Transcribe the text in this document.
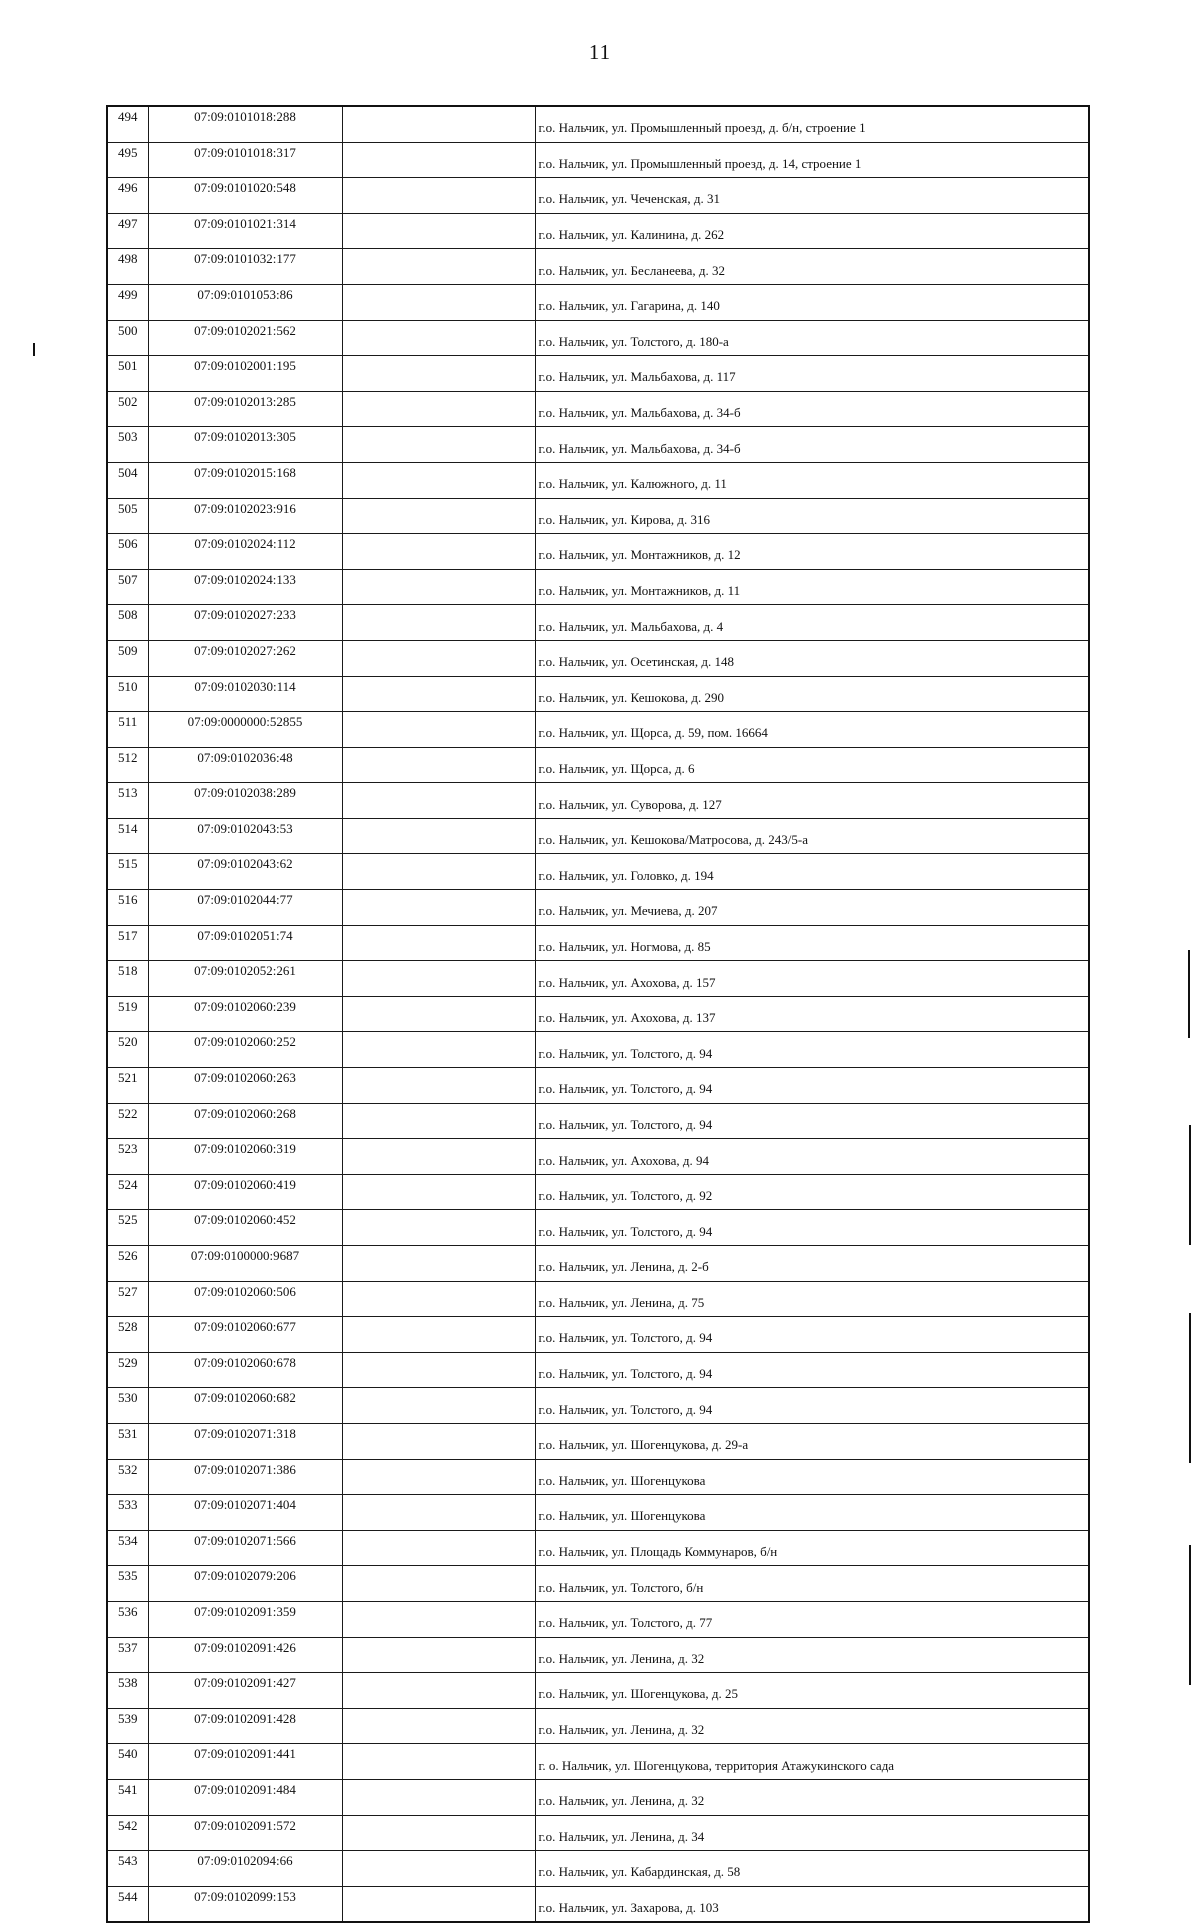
11
494	07:09:0101018:288		г.о. Нальчик, ул. Промышленный проезд, д. б/н, строение 1
495	07:09:0101018:317		г.о. Нальчик, ул. Промышленный проезд, д. 14, строение 1
496	07:09:0101020:548		г.о. Нальчик, ул. Чеченская, д. 31
497	07:09:0101021:314		г.о. Нальчик, ул. Калинина, д. 262
498	07:09:0101032:177		г.о. Нальчик, ул. Бесланеева, д. 32
499	07:09:0101053:86		г.о. Нальчик, ул. Гагарина, д. 140
500	07:09:0102021:562		г.о. Нальчик, ул. Толстого, д. 180-а
501	07:09:0102001:195		г.о. Нальчик, ул. Мальбахова, д. 117
502	07:09:0102013:285		г.о. Нальчик, ул. Мальбахова, д. 34-б
503	07:09:0102013:305		г.о. Нальчик, ул. Мальбахова, д. 34-б
504	07:09:0102015:168		г.о. Нальчик, ул. Калюжного, д. 11
505	07:09:0102023:916		г.о. Нальчик, ул. Кирова, д. 316
506	07:09:0102024:112		г.о. Нальчик, ул. Монтажников, д. 12
507	07:09:0102024:133		г.о. Нальчик, ул. Монтажников, д. 11
508	07:09:0102027:233		г.о. Нальчик, ул. Мальбахова, д. 4
509	07:09:0102027:262		г.о. Нальчик, ул. Осетинская, д. 148
510	07:09:0102030:114		г.о. Нальчик, ул. Кешокова, д. 290
511	07:09:0000000:52855		г.о. Нальчик, ул. Щорса, д. 59, пом. 16664
512	07:09:0102036:48		г.о. Нальчик, ул. Щорса, д. 6
513	07:09:0102038:289		г.о. Нальчик, ул. Суворова, д. 127
514	07:09:0102043:53		г.о. Нальчик, ул. Кешокова/Матросова, д. 243/5-а
515	07:09:0102043:62		г.о. Нальчик, ул. Головко, д. 194
516	07:09:0102044:77		г.о. Нальчик, ул. Мечиева, д. 207
517	07:09:0102051:74		г.о. Нальчик, ул. Ногмова, д. 85
518	07:09:0102052:261		г.о. Нальчик, ул. Ахохова, д. 157
519	07:09:0102060:239		г.о. Нальчик, ул. Ахохова, д. 137
520	07:09:0102060:252		г.о. Нальчик, ул. Толстого, д. 94
521	07:09:0102060:263		г.о. Нальчик, ул. Толстого, д. 94
522	07:09:0102060:268		г.о. Нальчик, ул. Толстого, д. 94
523	07:09:0102060:319		г.о. Нальчик, ул. Ахохова, д. 94
524	07:09:0102060:419		г.о. Нальчик, ул. Толстого, д. 92
525	07:09:0102060:452		г.о. Нальчик, ул. Толстого, д. 94
526	07:09:0100000:9687		г.о. Нальчик, ул. Ленина, д. 2-б
527	07:09:0102060:506		г.о. Нальчик, ул. Ленина, д. 75
528	07:09:0102060:677		г.о. Нальчик, ул. Толстого, д. 94
529	07:09:0102060:678		г.о. Нальчик, ул. Толстого, д. 94
530	07:09:0102060:682		г.о. Нальчик, ул. Толстого, д. 94
531	07:09:0102071:318		г.о. Нальчик, ул. Шогенцукова, д. 29-а
532	07:09:0102071:386		г.о. Нальчик, ул. Шогенцукова
533	07:09:0102071:404		г.о. Нальчик, ул. Шогенцукова
534	07:09:0102071:566		г.о. Нальчик, ул. Площадь Коммунаров, б/н
535	07:09:0102079:206		г.о. Нальчик, ул. Толстого, б/н
536	07:09:0102091:359		г.о. Нальчик, ул. Толстого, д. 77
537	07:09:0102091:426		г.о. Нальчик, ул. Ленина, д. 32
538	07:09:0102091:427		г.о. Нальчик, ул. Шогенцукова, д. 25
539	07:09:0102091:428		г.о. Нальчик, ул. Ленина, д. 32
540	07:09:0102091:441		г. о. Нальчик, ул. Шогенцукова, территория Атажукинского сада
541	07:09:0102091:484		г.о. Нальчик, ул. Ленина, д. 32
542	07:09:0102091:572		г.о. Нальчик, ул. Ленина, д. 34
543	07:09:0102094:66		г.о. Нальчик, ул. Кабардинская, д. 58
544	07:09:0102099:153		г.о. Нальчик, ул. Захарова, д. 103
